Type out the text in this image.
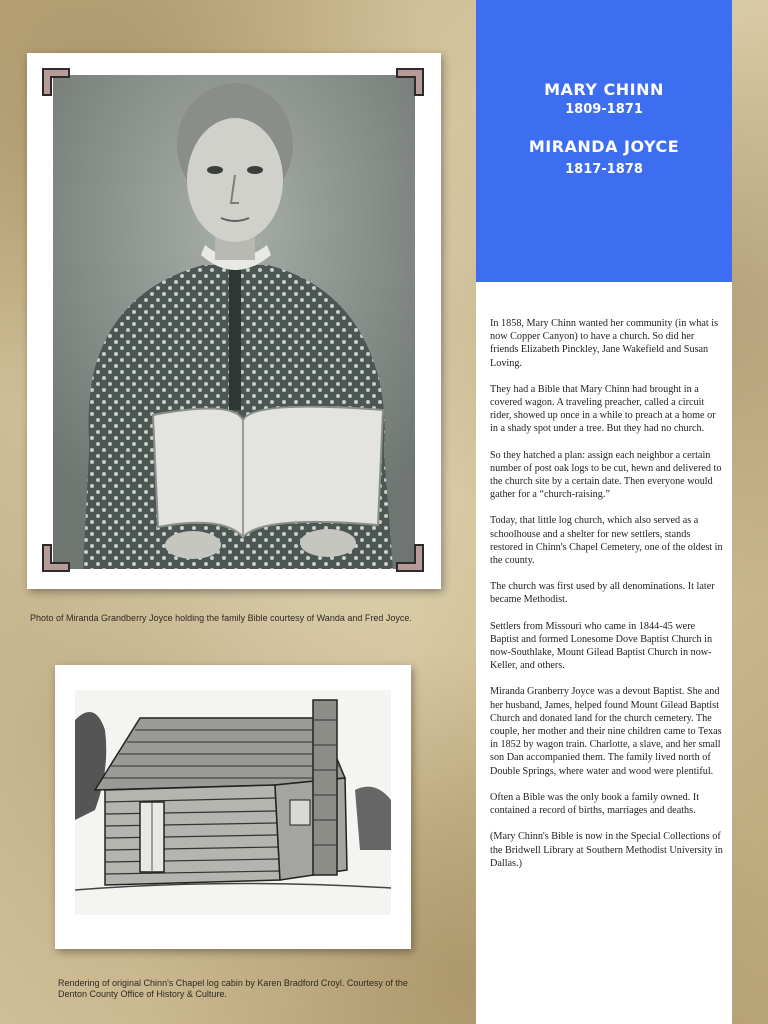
Photo of Miranda Grandberry Joyce holding the family Bible courtesy of Wanda and Fred Joyce.
Rendering of original Chinn's Chapel log cabin by Karen Bradford Croyl. Courtesy of the Denton County Office of History & Culture.
MARY CHINN
1809-1871
MIRANDA JOYCE
1817-1878

In 1858, Mary Chinn wanted her community (in what is now Copper Canyon) to have a church. So did her friends Elizabeth Pinckley, Jane Wakefield and Susan Loving.

They had a Bible that Mary Chinn had brought in a covered wagon. A traveling preacher, called a circuit rider, showed up once in a while to preach at a home or in a shady spot under a tree. But they had no church.

So they hatched a plan: assign each neighbor a certain number of post oak logs to be cut, hewn and delivered to the church site by a certain date. Then everyone would gather for a “church-raising.”

Today, that little log church, which also served as a schoolhouse and a shelter for new settlers, stands restored in Chinn's Chapel Cemetery, one of the oldest in the county.

The church was first used by all denominations. It later became Methodist.

Settlers from Missouri who came in 1844-45 were Baptist and formed Lonesome Dove Baptist Church in now-Southlake, Mount Gilead Baptist Church in now-Keller, and others.

Miranda Granberry Joyce was a devout Baptist. She and her husband, James, helped found Mount Gilead Baptist Church and donated land for the church cemetery. The couple, her mother and their nine children came to Texas in 1852 by wagon train. Charlotte, a slave, and her small son Dan accompanied them. The family lived north of Double Springs, where water and wood were plentiful.

Often a Bible was the only book a family owned. It contained a record of births, marriages and deaths.

(Mary Chinn's Bible is now in the Special Collections of the Bridwell Library at Southern Methodist University in Dallas.)
